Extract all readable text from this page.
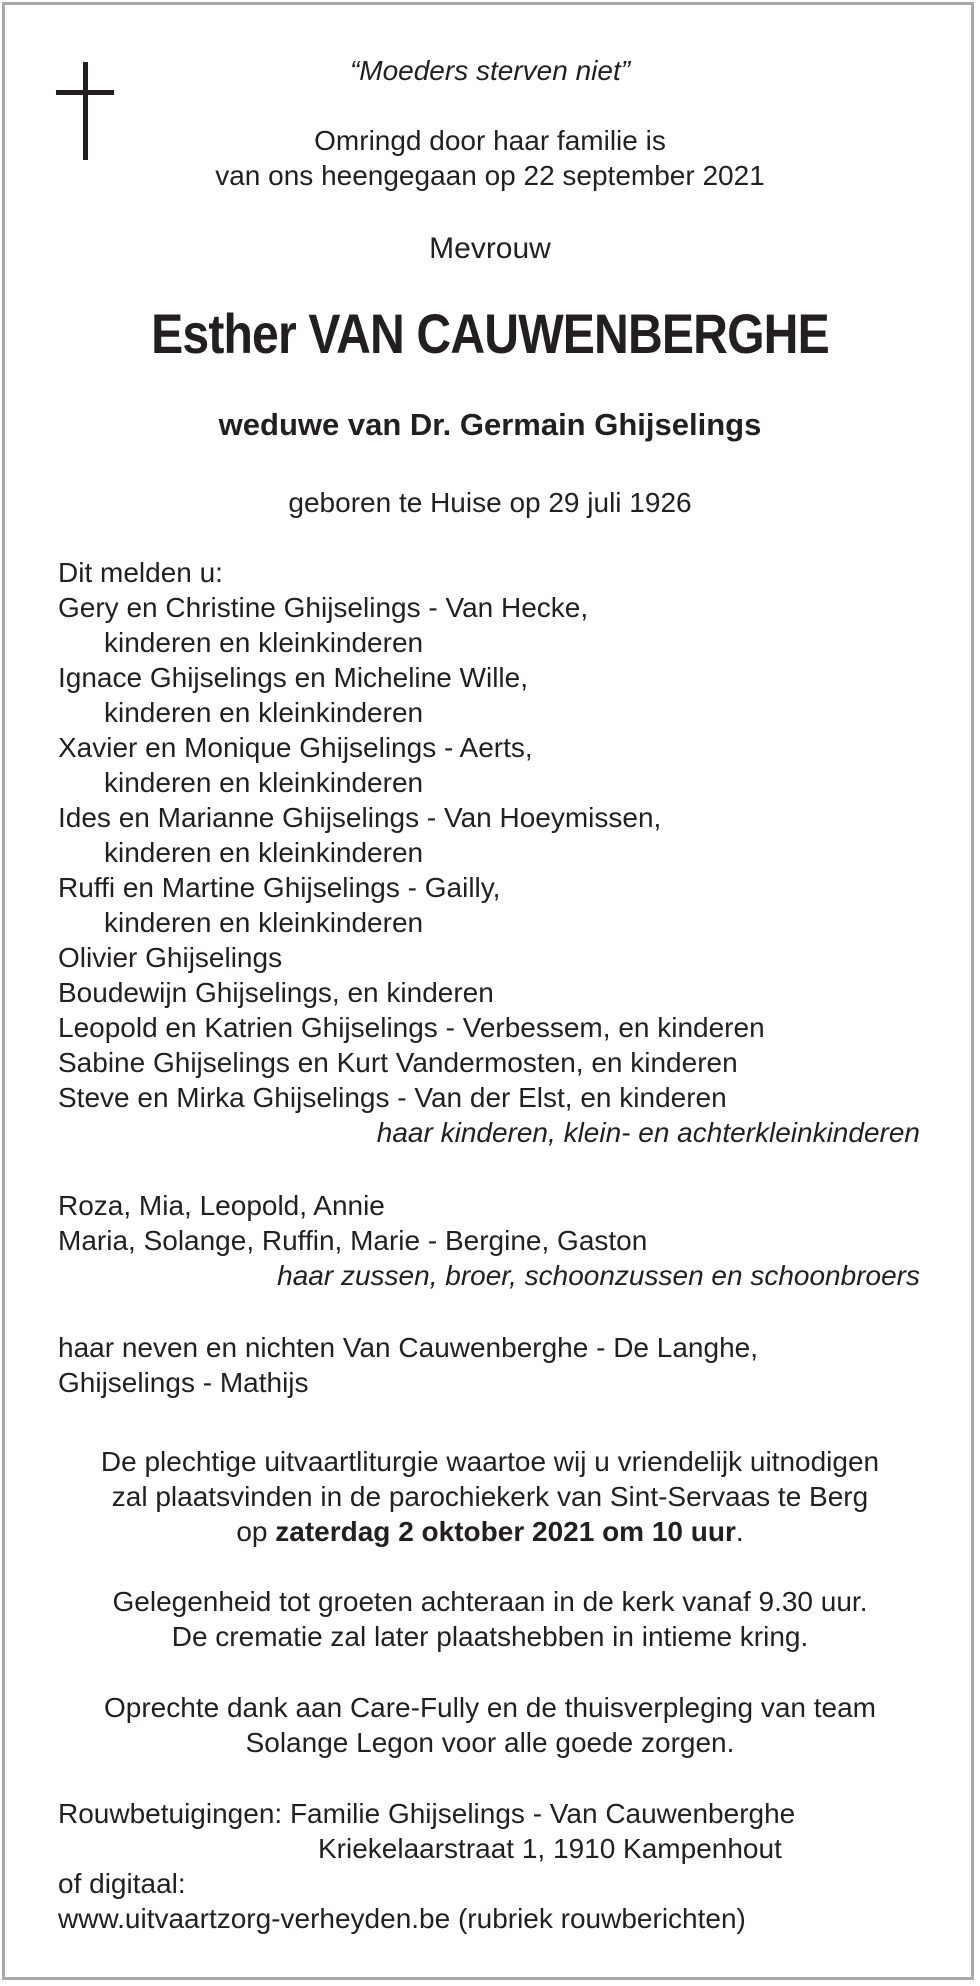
“Moeders sterven niet”
Omringd door haar familie is
van ons heengegaan op 22 september 2021
Mevrouw
Esther VAN CAUWENBERGHE
weduwe van Dr. Germain Ghijselings
geboren te Huise op 29 juli 1926
Dit melden u:
Gery en Christine Ghijselings - Van Hecke,
kinderen en kleinkinderen
Ignace Ghijselings en Micheline Wille,
kinderen en kleinkinderen
Xavier en Monique Ghijselings - Aerts,
kinderen en kleinkinderen
Ides en Marianne Ghijselings - Van Hoeymissen,
kinderen en kleinkinderen
Ruffi en Martine Ghijselings - Gailly,
kinderen en kleinkinderen
Olivier Ghijselings
Boudewijn Ghijselings, en kinderen
Leopold en Katrien Ghijselings - Verbessem, en kinderen
Sabine Ghijselings en Kurt Vandermosten, en kinderen
Steve en Mirka Ghijselings - Van der Elst, en kinderen
haar kinderen, klein- en achterkleinkinderen
Roza, Mia, Leopold, Annie
Maria, Solange, Ruffin, Marie - Bergine, Gaston
haar zussen, broer, schoonzussen en schoonbroers
haar neven en nichten Van Cauwenberghe - De Langhe,
Ghijselings - Mathijs
De plechtige uitvaartliturgie waartoe wij u vriendelijk uitnodigen
zal plaatsvinden in de parochiekerk van Sint-Servaas te Berg
op zaterdag 2 oktober 2021 om 10 uur.
Gelegenheid tot groeten achteraan in de kerk vanaf 9.30 uur.
De crematie zal later plaatshebben in intieme kring.
Oprechte dank aan Care-Fully en de thuisverpleging van team
Solange Legon voor alle goede zorgen.
Rouwbetuigingen: Familie Ghijselings - Van Cauwenberghe
Kriekelaarstraat 1, 1910 Kampenhout
of digitaal:
www.uitvaartzorg-verheyden.be (rubriek rouwberichten)
